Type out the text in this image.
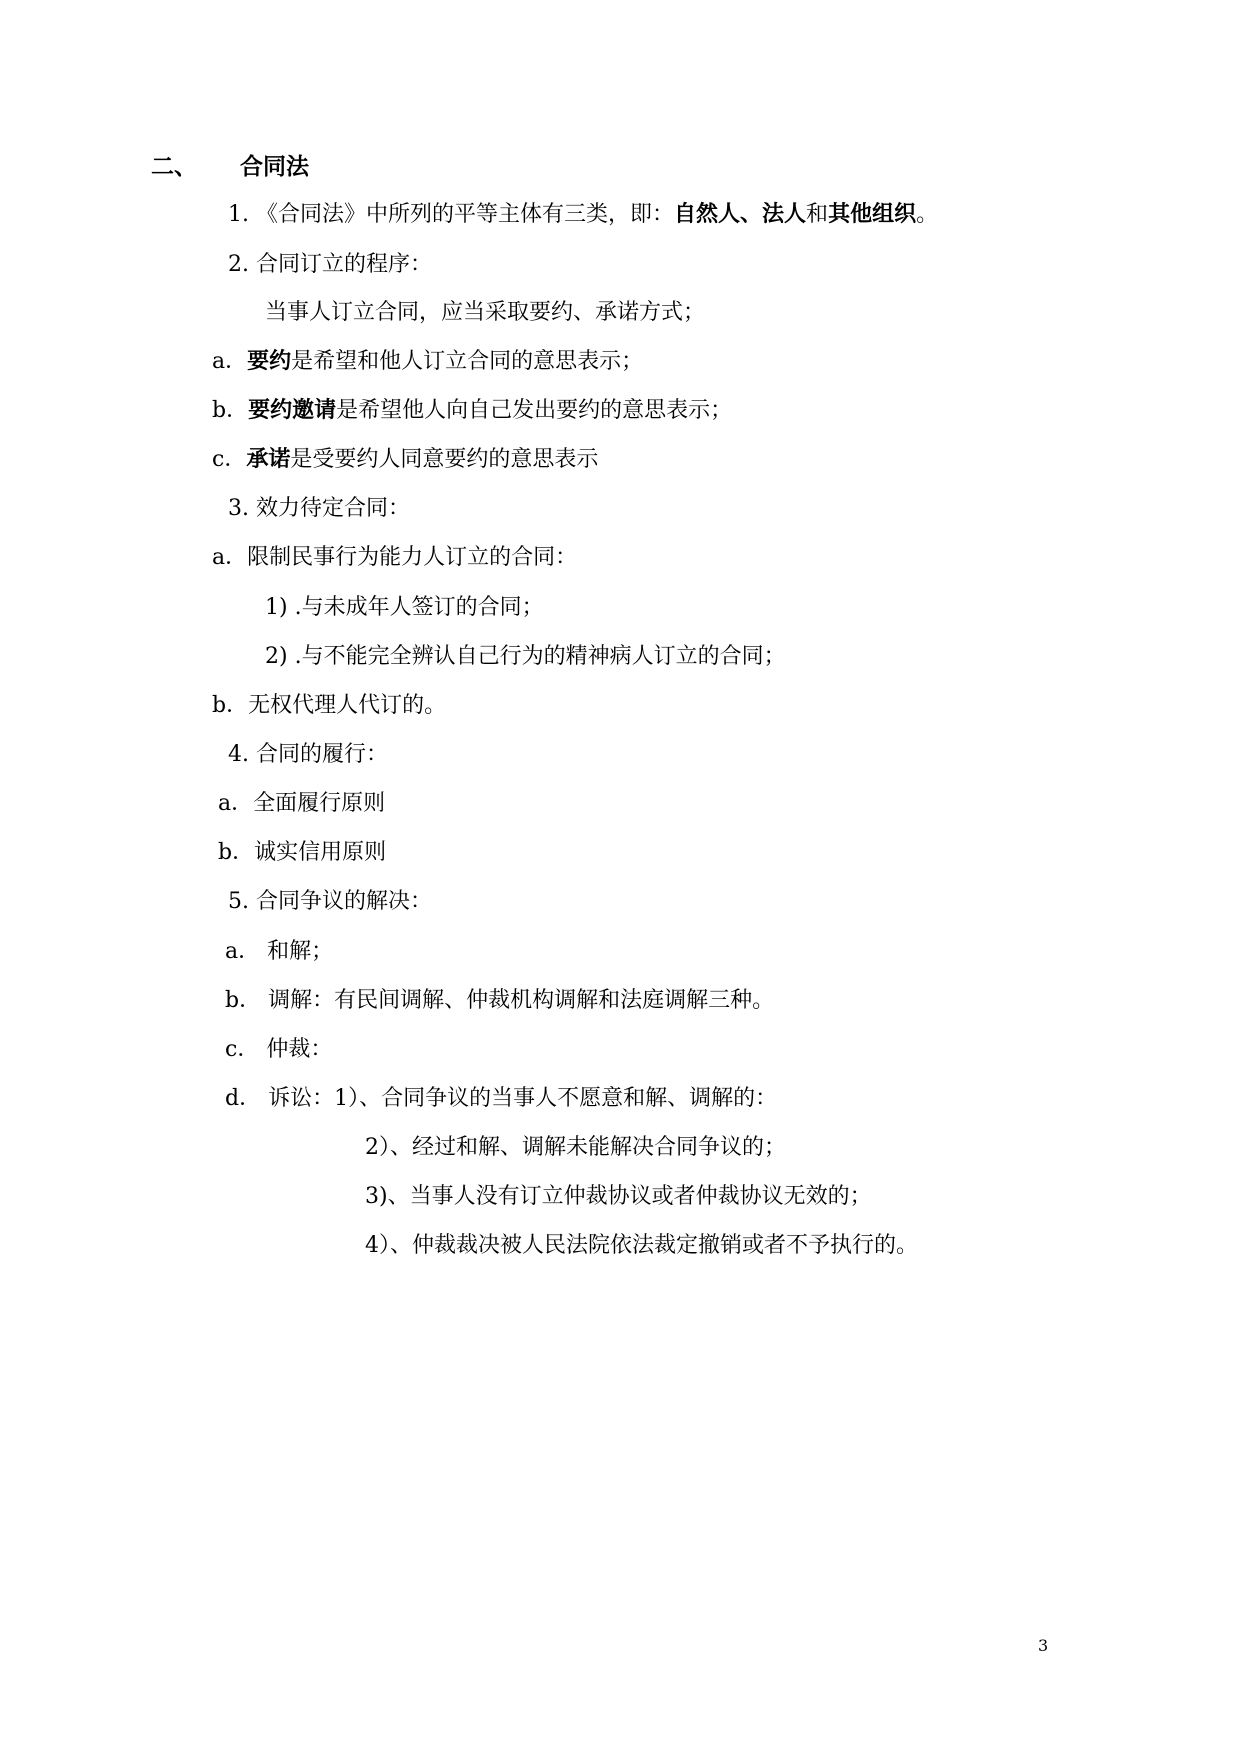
二、 合同法
1. 《合同法》中所列的平等主体有三类，即：自然人、法人和其他组织。
2. 合同订立的程序：
当事人订立合同，应当采取要约、承诺方式；
a．要约是希望和他人订立合同的意思表示；
b．要约邀请是希望他人向自己发出要约的意思表示；
c．承诺是受要约人同意要约的意思表示
3. 效力待定合同：
a．限制民事行为能力人订立的合同：
1) .与未成年人签订的合同；
2) .与不能完全辨认自己行为的精神病人订立的合同；
b．无权代理人代订的。
4. 合同的履行：
a．全面履行原则
b．诚实信用原则
5. 合同争议的解决：
a． 和解；
b． 调解：有民间调解、仲裁机构调解和法庭调解三种。
c． 仲裁：
d． 诉讼：1）、合同争议的当事人不愿意和解、调解的：
2）、经过和解、调解未能解决合同争议的；
3)、当事人没有订立仲裁协议或者仲裁协议无效的；
4）、仲裁裁决被人民法院依法裁定撤销或者不予执行的。
3
